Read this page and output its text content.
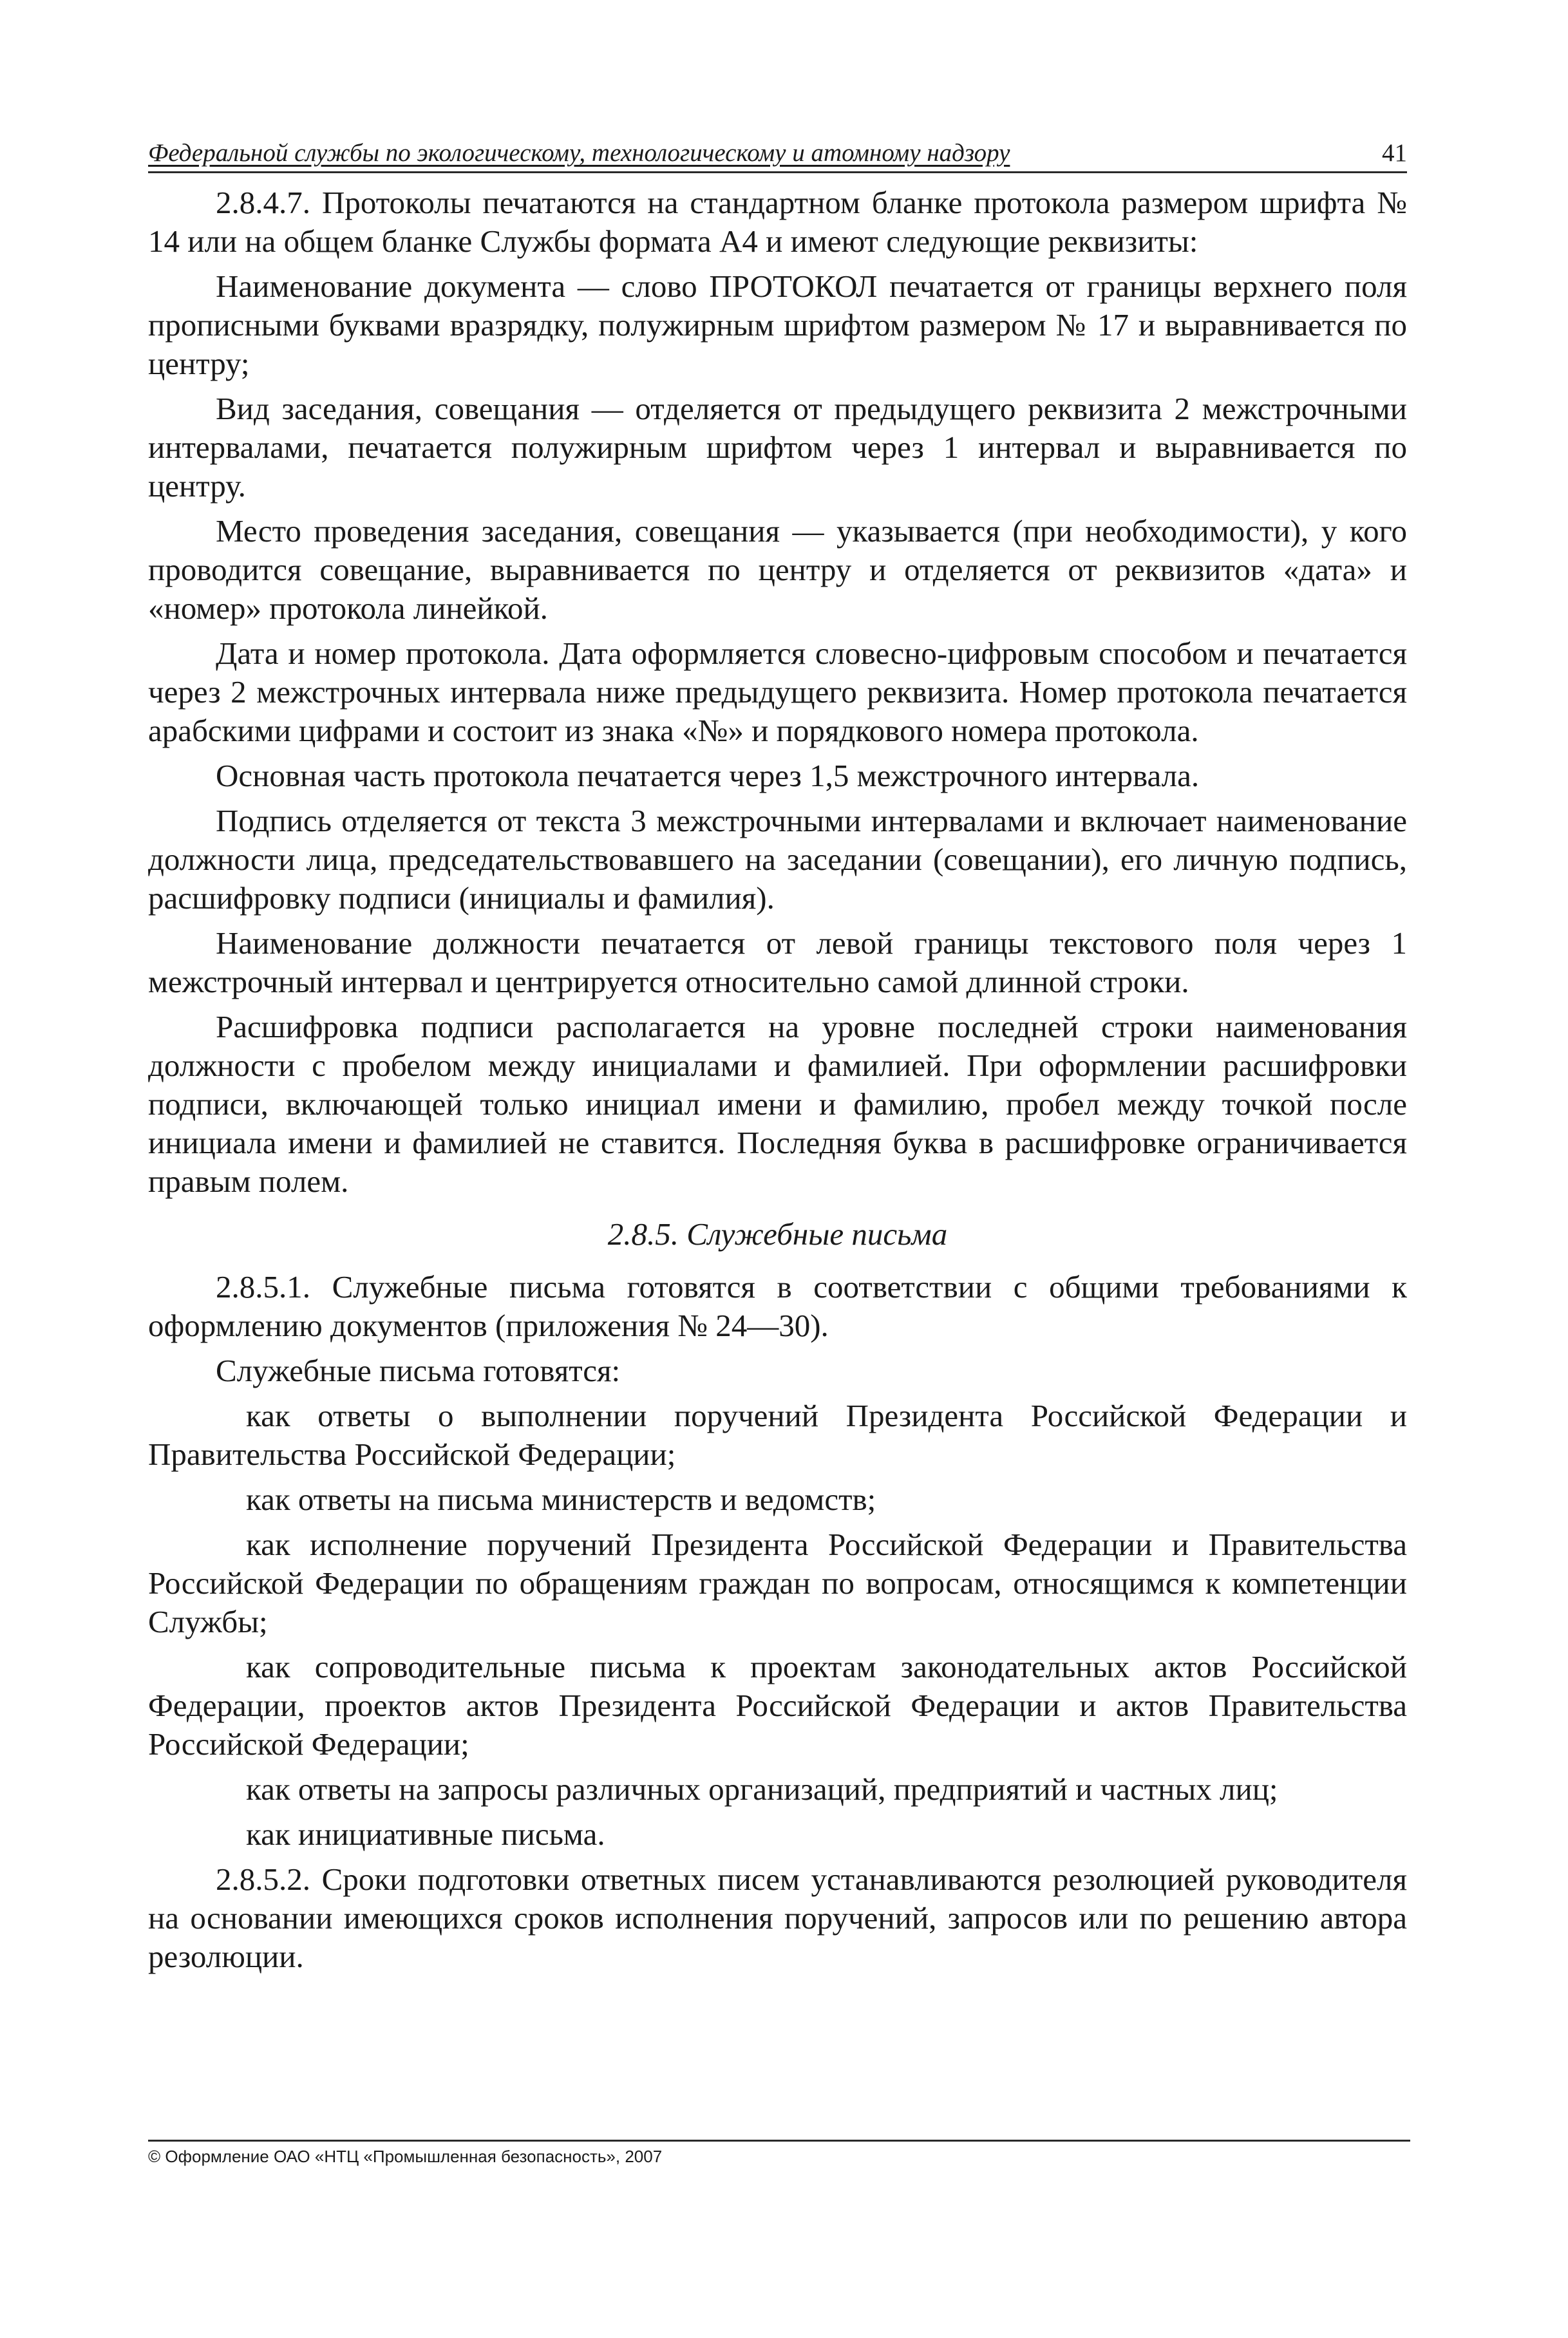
Федеральной службы по экологическому, технологическому и атомному надзору	41

2.8.4.7. Протоколы печатаются на стандартном бланке протокола размером шрифта № 14 или на общем бланке Службы формата А4 и имеют следующие реквизиты:

Наименование документа — слово ПРОТОКОЛ печатается от границы верхнего поля прописными буквами вразрядку, полужирным шрифтом размером № 17 и выравнивается по центру;

Вид заседания, совещания — отделяется от предыдущего реквизита 2 межстрочными интервалами, печатается полужирным шрифтом через 1 интервал и выравнивается по центру.

Место проведения заседания, совещания — указывается (при необходимости), у кого проводится совещание, выравнивается по центру и отделяется от реквизитов «дата» и «номер» протокола линейкой.

Дата и номер протокола. Дата оформляется словесно-цифровым способом и печатается через 2 межстрочных интервала ниже предыдущего реквизита. Номер протокола печатается арабскими цифрами и состоит из знака «№» и порядкового номера протокола.

Основная часть протокола печатается через 1,5 межстрочного интервала.

Подпись отделяется от текста 3 межстрочными интервалами и включает наименование должности лица, председательствовавшего на заседании (совещании), его личную подпись, расшифровку подписи (инициалы и фамилия).

Наименование должности печатается от левой границы текстового поля через 1 межстрочный интервал и центрируется относительно самой длинной строки.

Расшифровка подписи располагается на уровне последней строки наименования должности с пробелом между инициалами и фамилией. При оформлении расшифровки подписи, включающей только инициал имени и фамилию, пробел между точкой после инициала имени и фамилией не ставится. Последняя буква в расшифровке ограничивается правым полем.

2.8.5. Служебные письма

2.8.5.1. Служебные письма готовятся в соответствии с общими требованиями к оформлению документов (приложения № 24—30).

Служебные письма готовятся:

как ответы о выполнении поручений Президента Российской Федерации и Правительства Российской Федерации;

как ответы на письма министерств и ведомств;

как исполнение поручений Президента Российской Федерации и Правительства Российской Федерации по обращениям граждан по вопросам, относящимся к компетенции Службы;

как сопроводительные письма к проектам законодательных актов Российской Федерации, проектов актов Президента Российской Федерации и актов Правительства Российской Федерации;

как ответы на запросы различных организаций, предприятий и частных лиц;

как инициативные письма.

2.8.5.2. Сроки подготовки ответных писем устанавливаются резолюцией руководителя на основании имеющихся сроков исполнения поручений, запросов или по решению автора резолюции.

© Оформление ОАО «НТЦ «Промышленная безопасность», 2007
